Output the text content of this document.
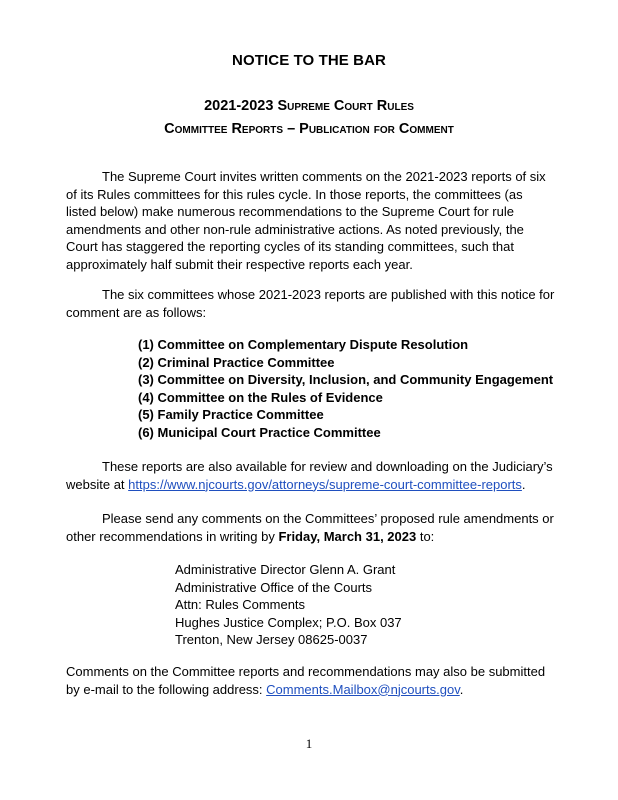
NOTICE TO THE BAR
2021-2023 Supreme Court Rules
Committee Reports – Publication for Comment

The Supreme Court invites written comments on the 2021-2023 reports of six of its Rules committees for this rules cycle. In those reports, the committees (as listed below) make numerous recommendations to the Supreme Court for rule amendments and other non-rule administrative actions. As noted previously, the Court has staggered the reporting cycles of its standing committees, such that approximately half submit their respective reports each year.

The six committees whose 2021-2023 reports are published with this notice for comment are as follows:

(1) Committee on Complementary Dispute Resolution
(2) Criminal Practice Committee
(3) Committee on Diversity, Inclusion, and Community Engagement
(4) Committee on the Rules of Evidence
(5) Family Practice Committee
(6) Municipal Court Practice Committee

These reports are also available for review and downloading on the Judiciary’s website at https://www.njcourts.gov/attorneys/supreme-court-committee-reports.

Please send any comments on the Committees’ proposed rule amendments or other recommendations in writing by Friday, March 31, 2023 to:

Administrative Director Glenn A. Grant
Administrative Office of the Courts
Attn: Rules Comments
Hughes Justice Complex; P.O. Box 037
Trenton, New Jersey 08625-0037

Comments on the Committee reports and recommendations may also be submitted by e-mail to the following address: Comments.Mailbox@njcourts.gov.

1
